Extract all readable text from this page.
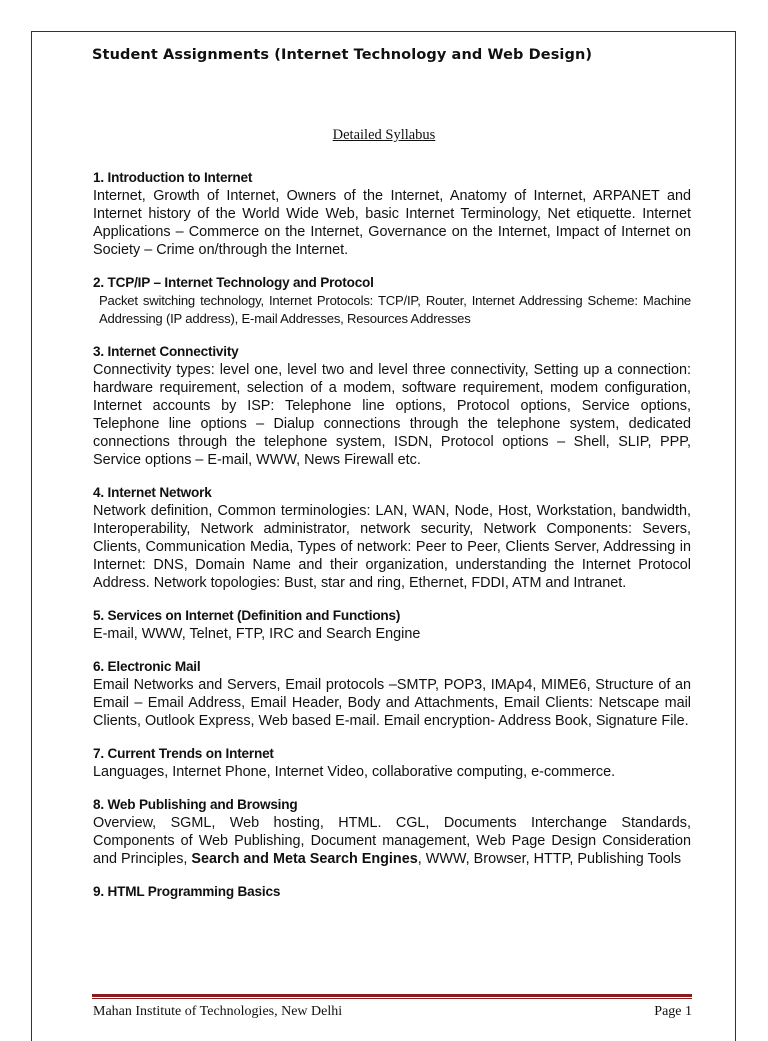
Student Assignments (Internet Technology and Web Design)
Detailed Syllabus
1. Introduction to Internet

Internet, Growth of Internet, Owners of the Internet, Anatomy of Internet, ARPANET and Internet history of the World Wide Web, basic Internet Terminology, Net etiquette. Internet Applications – Commerce on the Internet, Governance on the Internet, Impact of Internet on Society – Crime on/through the Internet.

2. TCP/IP – Internet Technology and Protocol

Packet switching technology, Internet Protocols: TCP/IP, Router, Internet Addressing Scheme: Machine Addressing (IP address), E-mail Addresses, Resources Addresses

3. Internet Connectivity

Connectivity types: level one, level two and level three connectivity, Setting up a connection: hardware requirement, selection of a modem, software requirement, modem configuration, Internet accounts by ISP: Telephone line options, Protocol options, Service options, Telephone line options – Dialup connections through the telephone system, dedicated connections through the telephone system, ISDN, Protocol options – Shell, SLIP, PPP, Service options – E-mail, WWW, News Firewall etc.

4. Internet Network

Network definition, Common terminologies: LAN, WAN, Node, Host, Workstation, bandwidth, Interoperability, Network administrator, network security, Network Components: Severs, Clients, Communication Media, Types of network: Peer to Peer, Clients Server, Addressing in Internet: DNS, Domain Name and their organization, understanding the Internet Protocol Address. Network topologies: Bust, star and ring, Ethernet, FDDI, ATM and Intranet.

5. Services on Internet (Definition and Functions)

E-mail, WWW, Telnet, FTP, IRC and Search Engine

6. Electronic Mail

Email Networks and Servers, Email protocols –SMTP, POP3, IMAp4, MIME6, Structure of an Email – Email Address, Email Header, Body and Attachments, Email Clients: Netscape mail Clients, Outlook Express, Web based E-mail. Email encryption- Address Book, Signature File.

7. Current Trends on Internet

Languages, Internet Phone, Internet Video, collaborative computing, e-commerce.

8. Web Publishing and Browsing

Overview, SGML, Web hosting, HTML. CGL, Documents Interchange Standards, Components of Web Publishing, Document management, Web Page Design Consideration and Principles, Search and Meta Search Engines, WWW, Browser, HTTP, Publishing Tools

9. HTML Programming Basics
Mahan Institute of Technologies, New Delhi	Page 1
